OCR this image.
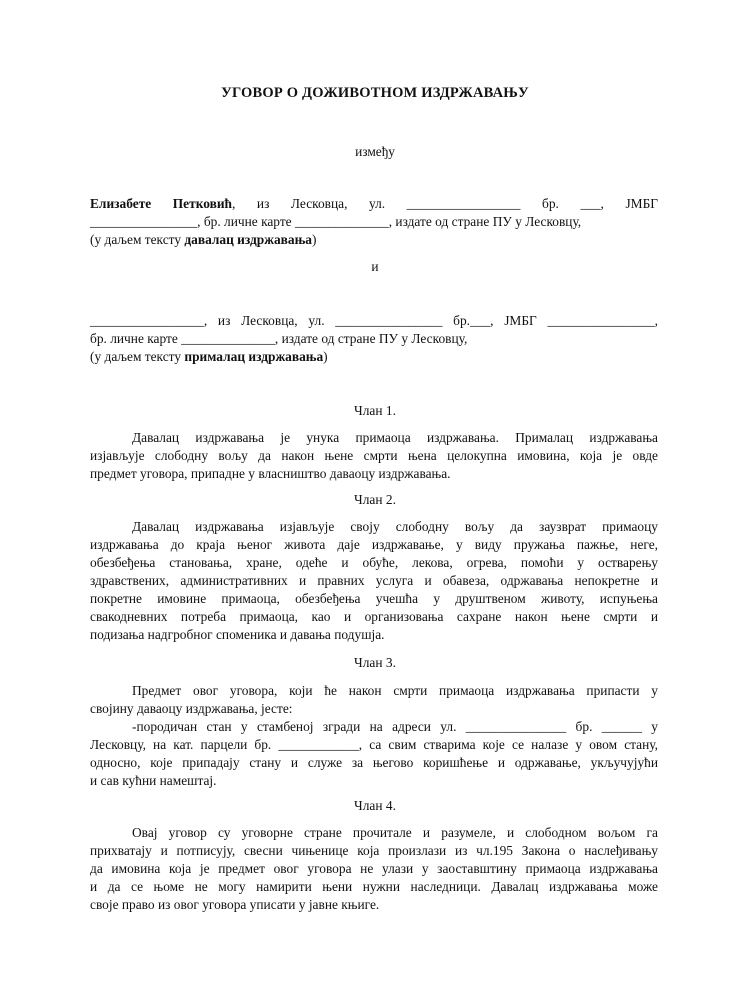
УГОВОР О ДОЖИВОТНОМ ИЗДРЖАВАЊУ
између
Елизабете Петковић, из Лесковца, ул. _________________ бр. ___, ЈМБГ
________________, бр. личне карте ______________, издате од стране ПУ у Лесковцу,
(у даљем тексту давалац издржавања)
и
_________________, из Лесковца, ул. ________________ бр.___, ЈМБГ ________________,
бр. личне карте ______________, издате од стране ПУ у Лесковцу,
(у даљем тексту прималац издржавања)
Члан 1.
Давалац издржавања је унука примаоца издржавања. Прималац издржавања
изјављује слободну вољу да након њене смрти њена целокупна имовина, која је овде
предмет уговора, припадне у власништво даваоцу издржавања.
Члан 2.
Давалац издржавања изјављује своју слободну вољу да заузврат примаоцу
издржавања до краја њеног живота даје издржавање, у виду пружања пажње, неге,
обезбеђења становања, хране, одеће и обуће, лекова, огрева, помоћи у остварењу
здравствених, административних и правних услуга и обавеза, одржавања непокретне и
покретне имовине примаоца, обезбеђења учешћа у друштвеном животу, испуњења
свакодневних потреба примаоца, као и организовања сахране након њене смрти и
подизања надгробног споменика и давања подушја.
Члан 3.
Предмет овог уговора, који ће након смрти примаоца издржавања припасти у
својину даваоцу издржавања, јесте:
-породичан стан у стамбеној згради на адреси ул. _______________ бр. ______ у
Лесковцу, на кат. парцели бр. ____________, са свим стварима које се налазе у овом стану,
односно, које припадају стану и служе за његово коришћење и одржавање, укључујући
и сав кућни намештај.
Члан 4.
Овај уговор су уговорне стране прочитале и разумеле, и слободном вољом га
прихватају и потписују, свесни чињенице која произлази из чл.195 Закона о наслеђивању
да имовина која је предмет овог уговора не улази у заоставштину примаоца издржавања
и да се њоме не могу намирити њени нужни наследници. Давалац издржавања може
своје право из овог уговора уписати у јавне књиге.
